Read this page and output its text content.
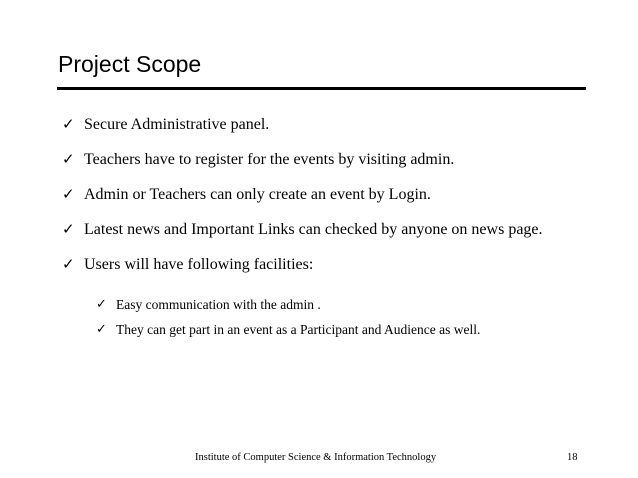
Project Scope
✓ Secure Administrative panel.
✓ Teachers have to register for the events by visiting admin.
✓ Admin or Teachers can only create an event by Login.
✓ Latest news and Important Links can checked by anyone on news page.
✓ Users will have following facilities:
✓ Easy communication with the admin .
✓ They can get part in an event as a Participant and Audience as well.
Institute of Computer Science & Information Technology	18
